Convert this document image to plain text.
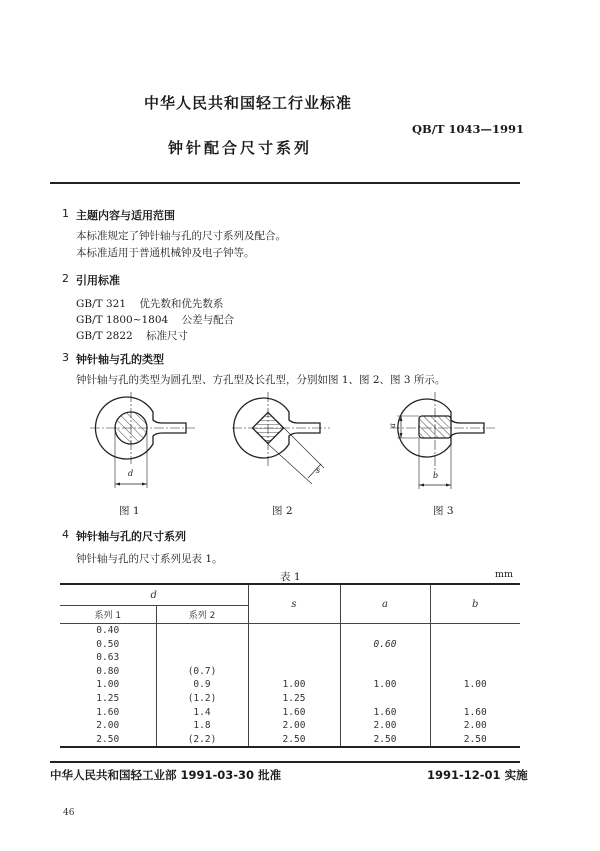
中华人民共和国轻工行业标准
QB/T 1043—1991
钟针配合尺寸系列
1 主题内容与适用范围
本标准规定了钟针轴与孔的尺寸系列及配合。
本标准适用于普通机械钟及电子钟等。
2 引用标准
GB/T 321 优先数和优先数系
GB/T 1800~1804 公差与配合
GB/T 2822 标准尺寸
3 钟针轴与孔的类型
钟针轴与孔的类型为圆孔型、方孔型及长孔型，分别如图 1、图 2、图 3 所示。
d
图 1
s
图 2
a
b
图 3
4 钟针轴与孔的尺寸系列
钟针轴与孔的尺寸系列见表 1。
表 1	mm
d		s	a	b
系列 1	系列 2			
0.40				
0.50			0.60	
0.63				
0.80	(0.7)			
1.00	0.9	1.00	1.00	1.00
1.25	(1.2)	1.25		
1.60	1.4	1.60	1.60	1.60
2.00	1.8	2.00	2.00	2.00
2.50	(2.2)	2.50	2.50	2.50
中华人民共和国轻工业部 1991-03-30 批准	1991-12-01 实施
46
